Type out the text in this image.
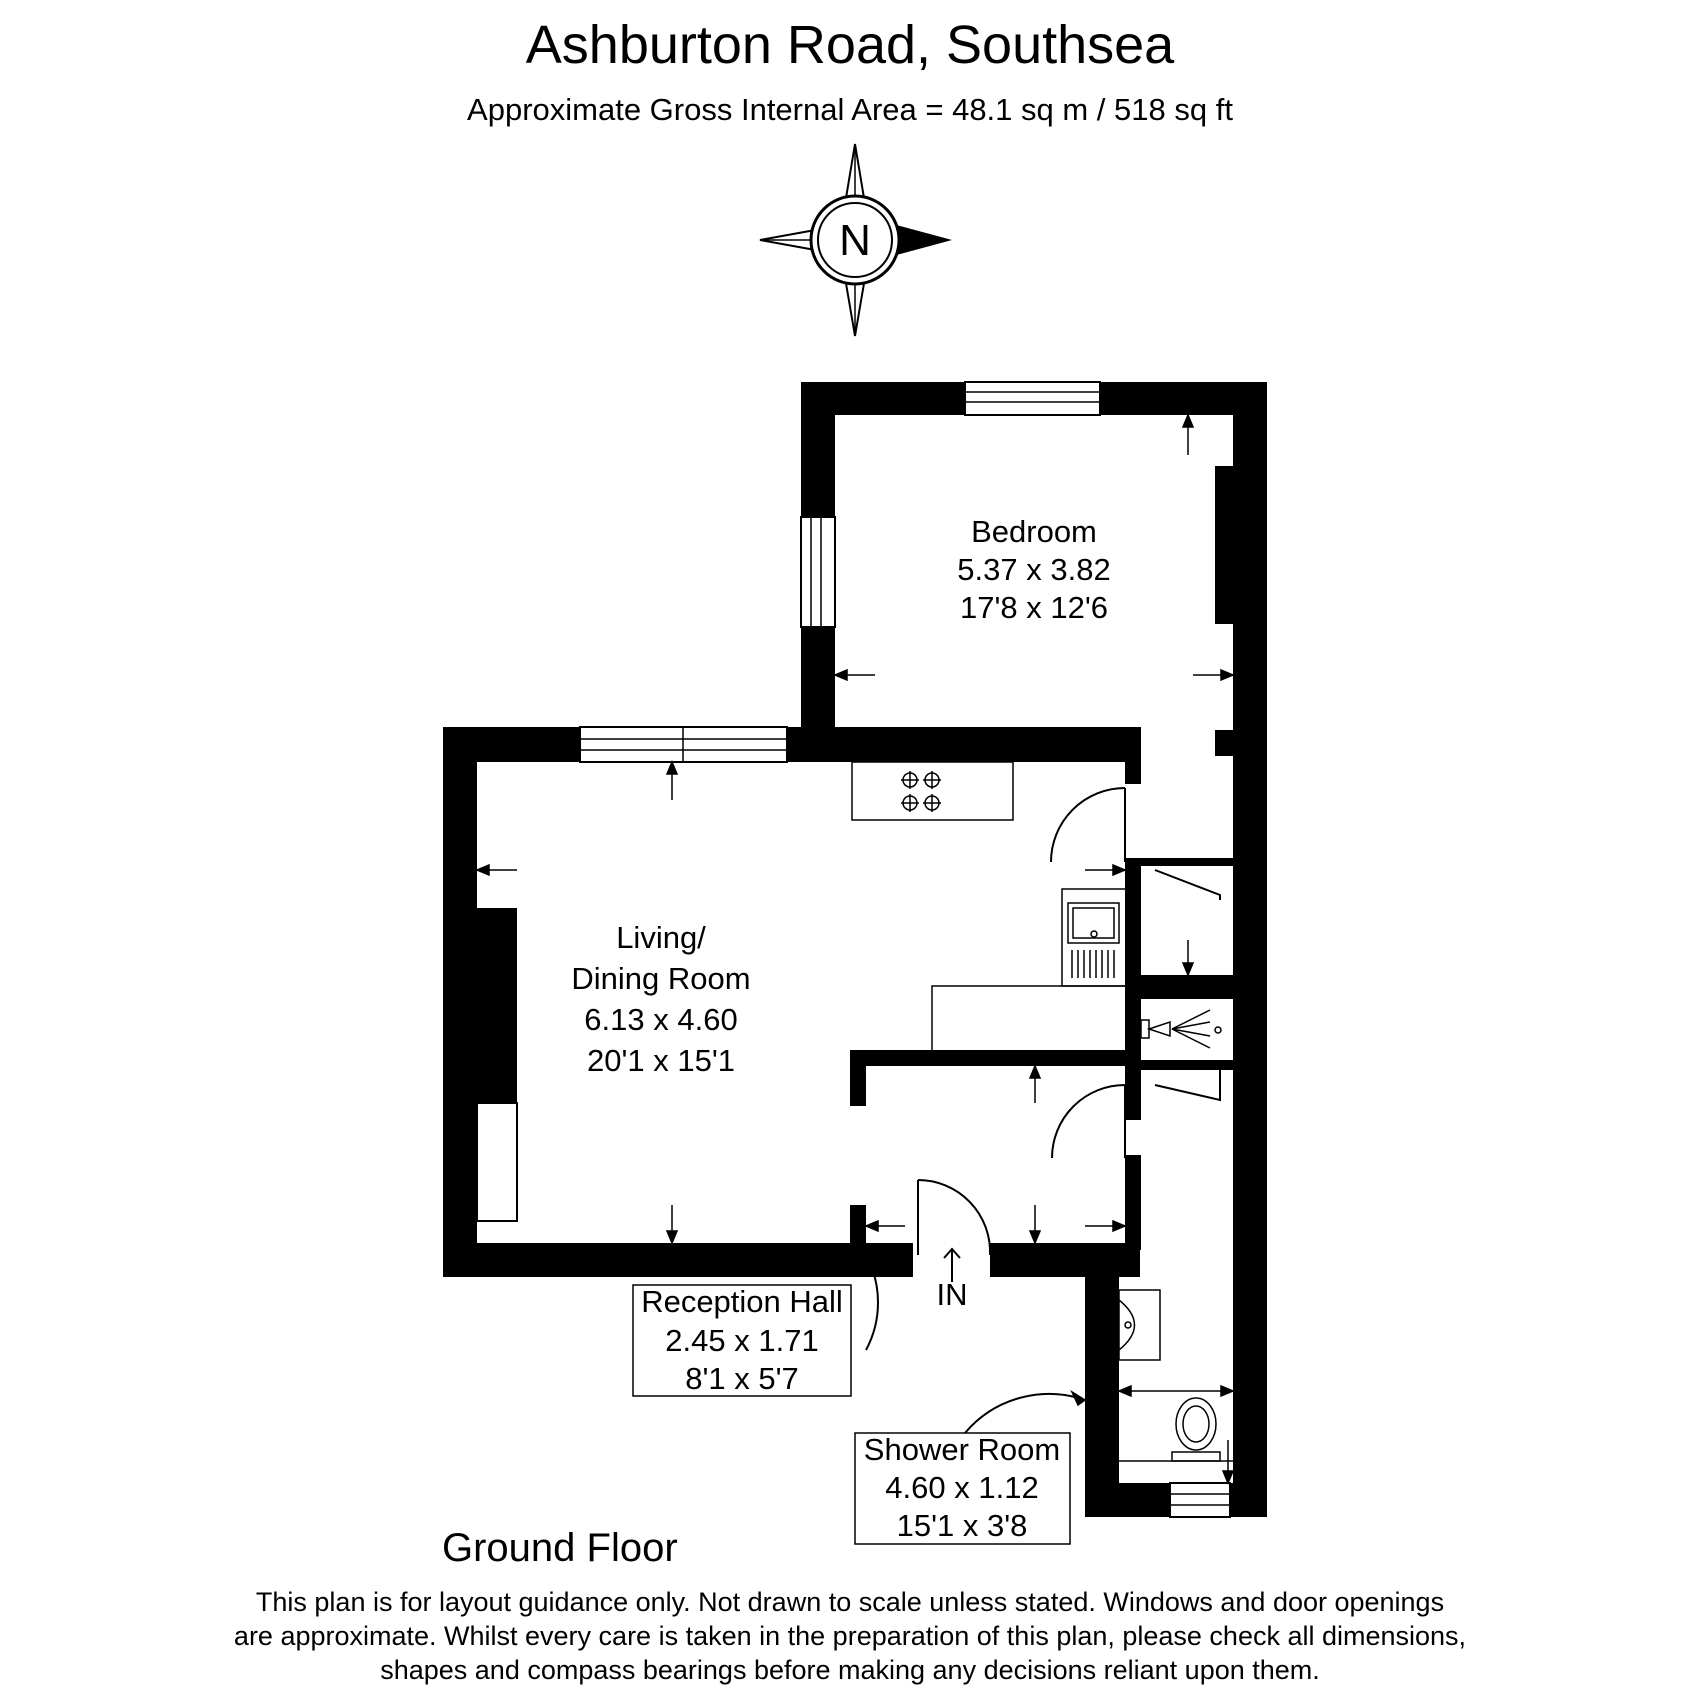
Ashburton Road, Southsea
Approximate Gross Internal Area = 48.1 sq m / 518 sq ft
N
Bedroom
5.37 x 3.82
17'8 x 12'6
Living/
Dining Room
6.13 x 4.60
20'1 x 15'1
Reception Hall
2.45 x 1.71
8'1 x 5'7
Shower Room
4.60 x 1.12
15'1 x 3'8
IN
Ground Floor
This plan is for layout guidance only. Not drawn to scale unless stated. Windows and door openings
are approximate. Whilst every care is taken in the preparation of this plan, please check all dimensions,
shapes and compass bearings before making any decisions reliant upon them.
